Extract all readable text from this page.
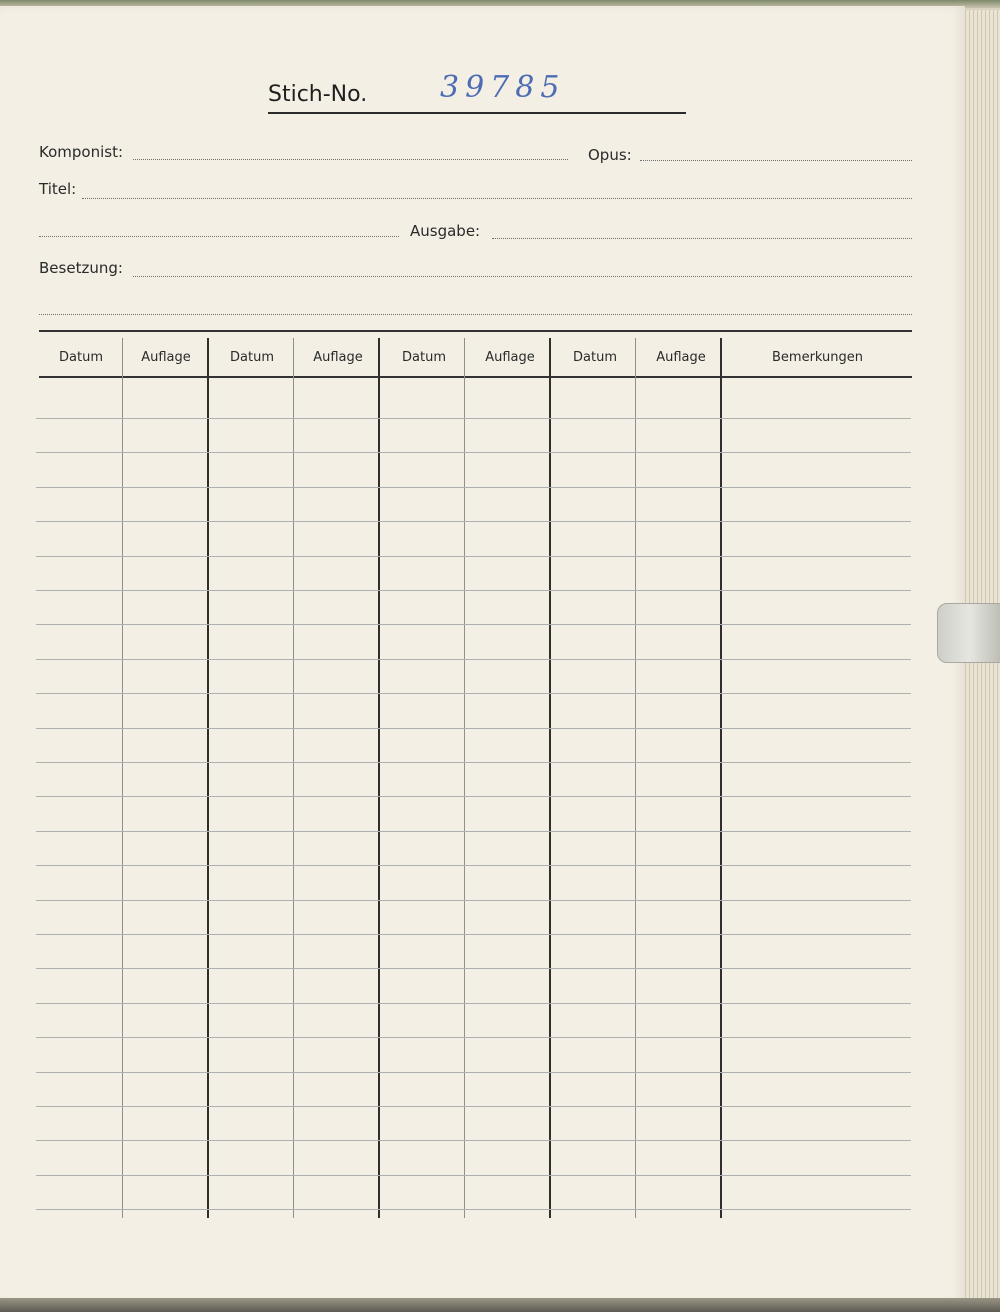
Stich-No. 39785
Komponist:	Opus:
Titel:
Ausgabe:
Besetzung:
Datum	Auflage	Datum	Auflage	Datum	Auflage	Datum	Auflage	Bemerkungen
